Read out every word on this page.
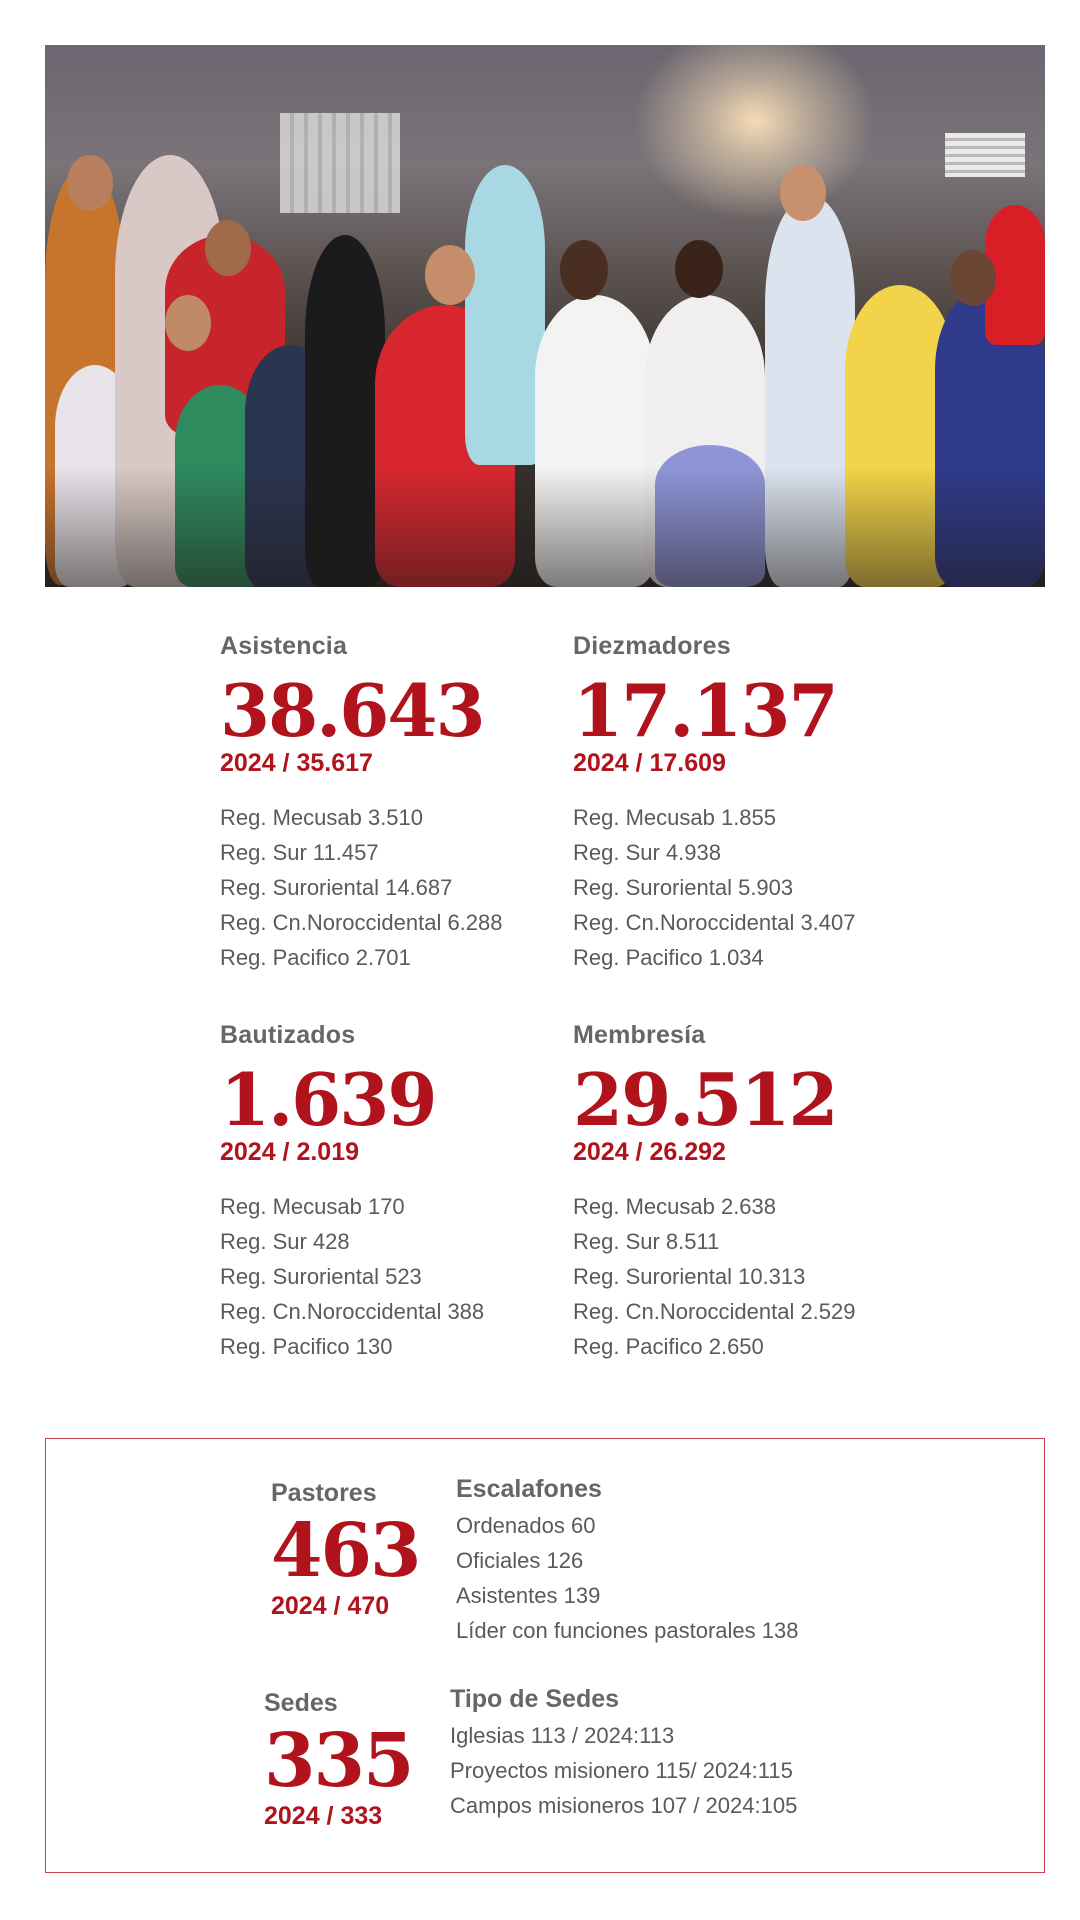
Asistencia
38.643
2024 / 35.617
Reg. Mecusab 3.510
Reg. Sur 11.457
Reg. Suroriental 14.687
Reg. Cn.Noroccidental 6.288
Reg. Pacifico 2.701
Diezmadores
17.137
2024 / 17.609
Reg. Mecusab 1.855
Reg. Sur 4.938
Reg. Suroriental 5.903
Reg. Cn.Noroccidental 3.407
Reg. Pacifico 1.034
Bautizados
1.639
2024 / 2.019
Reg. Mecusab 170
Reg. Sur 428
Reg. Suroriental 523
Reg. Cn.Noroccidental 388
Reg. Pacifico 130
Membresía
29.512
2024 / 26.292
Reg. Mecusab 2.638
Reg. Sur 8.511
Reg. Suroriental 10.313
Reg. Cn.Noroccidental 2.529
Reg. Pacifico 2.650
Pastores
463
2024 / 470
Escalafones
Ordenados 60
Oficiales 126
Asistentes 139
Líder con funciones pastorales 138
Sedes
335
2024 / 333
Tipo de Sedes
Iglesias 113 / 2024:113
Proyectos misionero 115/ 2024:115
Campos misioneros 107 / 2024:105
